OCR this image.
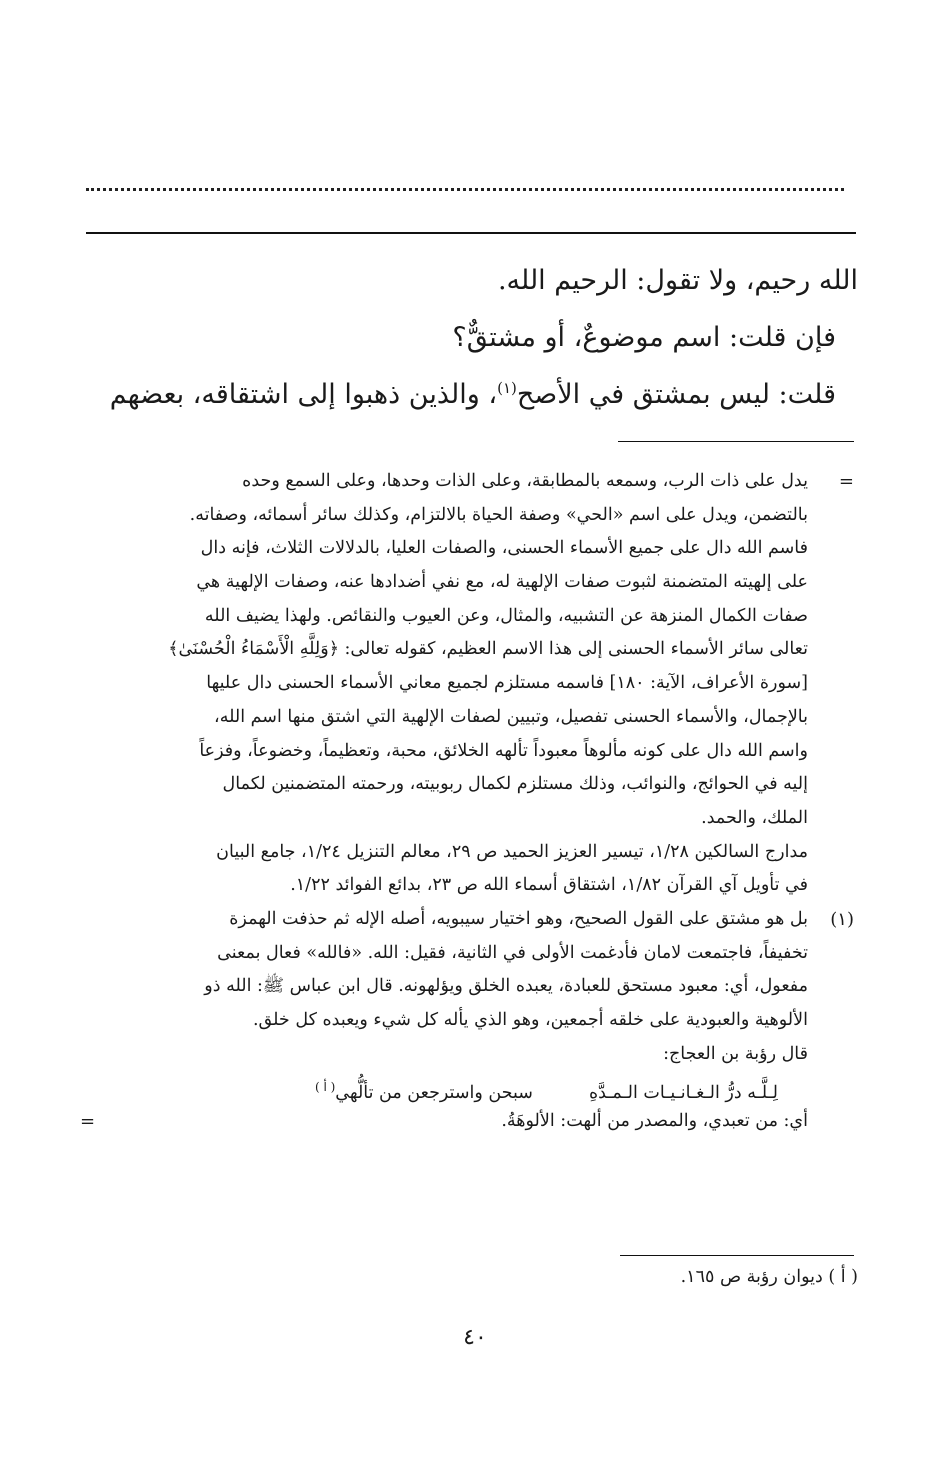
الله رحيم، ولا تقول: الرحيم الله.

فإن قلت: اسم موضوعٌ، أو مشتقٌّ؟

قلت: ليس بمشتق في الأصح$^{(١)}$، والذين ذهبوا إلى اشتقاقه، بعضهم

=
يدل على ذات الرب، وسمعه بالمطابقة، وعلى الذات وحدها، وعلى السمع وحده
بالتضمن، ويدل على اسم «الحي» وصفة الحياة بالالتزام، وكذلك سائر أسمائه، وصفاته.
فاسم الله دال على جميع الأسماء الحسنى، والصفات العليا، بالدلالات الثلاث، فإنه دال
على إلهيته المتضمنة لثبوت صفات الإلهية له، مع نفي أضدادها عنه، وصفات الإلهية هي
صفات الكمال المنزهة عن التشبيه، والمثال، وعن العيوب والنقائص. ولهذا يضيف الله
تعالى سائر الأسماء الحسنى إلى هذا الاسم العظيم، كقوله تعالى: ﴿وَلِلَّهِ الْأَسْمَاءُ الْحُسْنَىٰ﴾
[سورة الأعراف، الآية: ١٨٠] فاسمه مستلزم لجميع معاني الأسماء الحسنى دال عليها
بالإجمال، والأسماء الحسنى تفصيل، وتبيين لصفات الإلهية التي اشتق منها اسم الله،
واسم الله دال على كونه مألوهاً معبوداً تألهه الخلائق، محبة، وتعظيماً، وخضوعاً، وفزعاً
إليه في الحوائج، والنوائب، وذلك مستلزم لكمال ربوبيته، ورحمته المتضمنين لكمال
الملك، والحمد.
مدارج السالكين ١/٢٨، تيسير العزيز الحميد ص ٢٩، معالم التنزيل ١/٢٤، جامع البيان
في تأويل آي القرآن ١/٨٢، اشتقاق أسماء الله ص ٢٣، بدائع الفوائد ١/٢٢.
(١)
بل هو مشتق على القول الصحيح، وهو اختيار سيبويه، أصله الإله ثم حذفت الهمزة
تخفيفاً، فاجتمعت لامان فأدغمت الأولى في الثانية، فقيل: الله. «فالله» فعال بمعنى
مفعول، أي: معبود مستحق للعبادة، يعبده الخلق ويؤلهونه. قال ابن عباس ﷺ: الله ذو
الألوهية والعبودية على خلقه أجمعين، وهو الذي يأله كل شيء ويعبده كل خلق.
قال رؤبة بن العجاج:
لِـلَّـه درُّ الـغـانـيـات الـمـدَّهِسبحن واسترجعن من تألُّهي$^{( أ )}$
أي: من تعبدي، والمصدر من ألهت: الألوهَةُ.
=
( أ ) ديوان رؤبة ص ١٦٥.
٤٠
